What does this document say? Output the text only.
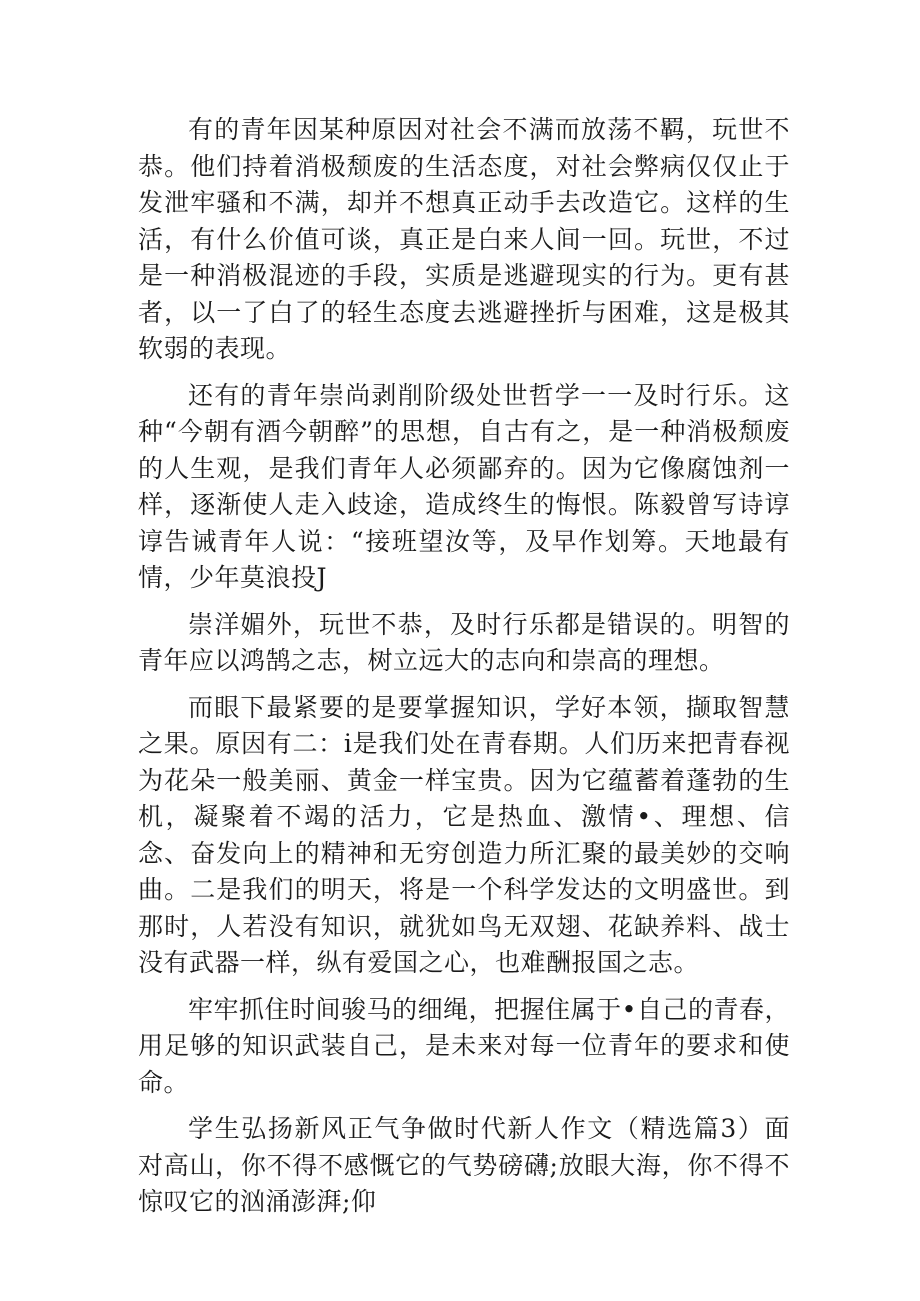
有的青年因某种原因对社会不满而放荡不羁，玩世不恭。他们持着消极颓废的生活态度，对社会弊病仅仅止于发泄牢骚和不满，却并不想真正动手去改造它。这样的生活，有什么价值可谈，真正是白来人间一回。玩世，不过是一种消极混迹的手段，实质是逃避现实的行为。更有甚者，以一了白了的轻生态度去逃避挫折与困难，这是极其软弱的表现。

还有的青年崇尚剥削阶级处世哲学一一及时行乐。这种“今朝有酒今朝醉”的思想，自古有之，是一种消极颓废的人生观，是我们青年人必须鄙弃的。因为它像腐蚀剂一样，逐渐使人走入歧途，造成终生的悔恨。陈毅曾写诗谆谆告诫青年人说：“接班望汝等，及早作划筹。天地最有情，少年莫浪投J

崇洋媚外，玩世不恭，及时行乐都是错误的。明智的青年应以鸿鹄之志，树立远大的志向和崇高的理想。

而眼下最紧要的是要掌握知识，学好本领，撷取智慧之果。原因有二：i是我们处在青春期。人们历来把青春视为花朵一般美丽、黄金一样宝贵。因为它蕴蓄着蓬勃的生机，凝聚着不竭的活力，它是热血、激情•、理想、信念、奋发向上的精神和无穷创造力所汇聚的最美妙的交响曲。二是我们的明天，将是一个科学发达的文明盛世。到那时，人若没有知识，就犹如鸟无双翅、花缺养料、战士没有武器一样，纵有爱国之心，也难酬报国之志。

牢牢抓住时间骏马的细绳，把握住属于•自己的青春，用足够的知识武装自己，是未来对每一位青年的要求和使命。

学生弘扬新风正气争做时代新人作文（精选篇3）面对高山，你不得不感慨它的气势磅礴;放眼大海，你不得不惊叹它的汹涌澎湃;仰
